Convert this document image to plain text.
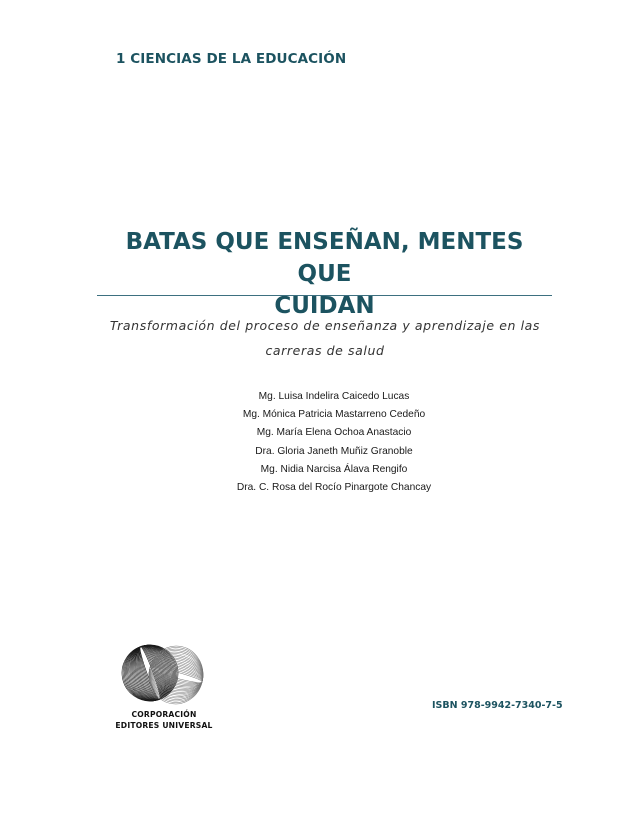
1 CIENCIAS DE LA EDUCACIÓN
BATAS QUE ENSEÑAN, MENTES QUE
CUIDAN
Transformación del proceso de enseñanza y aprendizaje en las
carreras de salud
Mg. Luisa Indelira Caicedo Lucas
Mg. Mónica Patricia Mastarreno Cedeño
Mg. María Elena Ochoa Anastacio
Dra. Gloria Janeth Muñiz Granoble
Mg. Nidia Narcisa Álava Rengifo
Dra. C. Rosa del Rocío Pinargote Chancay
CORPORACIÓN
EDITORES UNIVERSAL
ISBN 978-9942-7340-7-5
